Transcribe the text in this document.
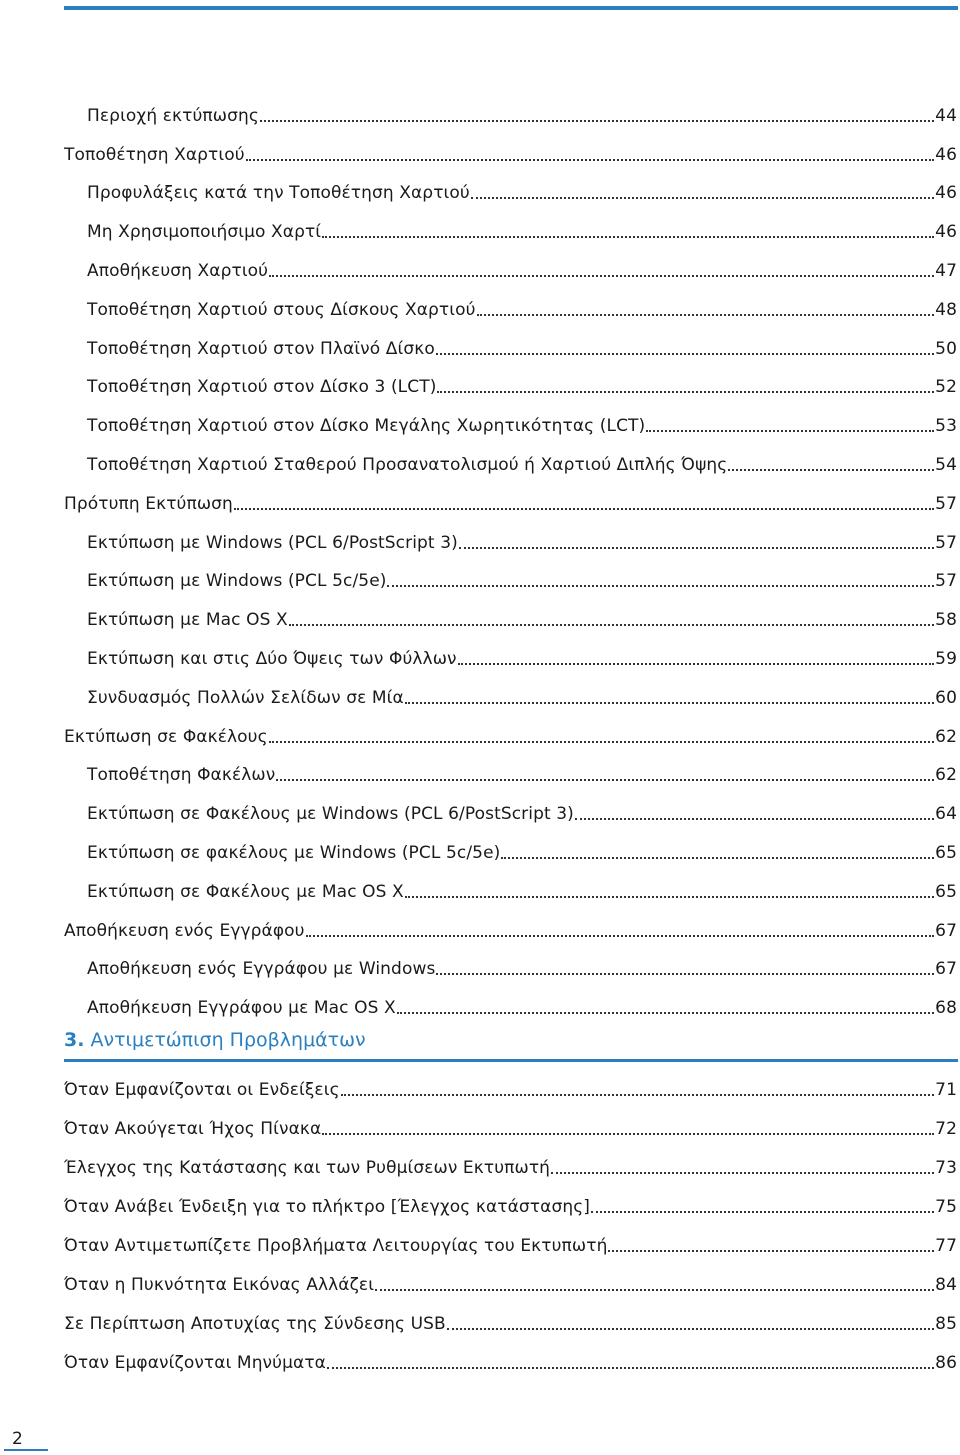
Περιοχή εκτύπωσης	44
Τοποθέτηση Χαρτιού	46
Προφυλάξεις κατά την Τοποθέτηση Χαρτιού	46
Μη Χρησιμοποιήσιμο Χαρτί	46
Αποθήκευση Χαρτιού	47
Τοποθέτηση Χαρτιού στους Δίσκους Χαρτιού	48
Τοποθέτηση Χαρτιού στον Πλαϊνό Δίσκο	50
Τοποθέτηση Χαρτιού στον Δίσκο 3 (LCT)	52
Τοποθέτηση Χαρτιού στον Δίσκο Μεγάλης Χωρητικότητας (LCT)	53
Τοποθέτηση Χαρτιού Σταθερού Προσανατολισμού ή Χαρτιού Διπλής Όψης	54
Πρότυπη Εκτύπωση	57
Εκτύπωση με Windows (PCL 6/PostScript 3)	57
Εκτύπωση με Windows (PCL 5c/5e)	57
Εκτύπωση με Mac OS X	58
Εκτύπωση και στις Δύο Όψεις των Φύλλων	59
Συνδυασμός Πολλών Σελίδων σε Μία	60
Εκτύπωση σε Φακέλους	62
Τοποθέτηση Φακέλων	62
Εκτύπωση σε Φακέλους με Windows (PCL 6/PostScript 3)	64
Εκτύπωση σε φακέλους με Windows (PCL 5c/5e)	65
Εκτύπωση σε Φακέλους με Mac OS X	65
Αποθήκευση ενός Εγγράφου	67
Αποθήκευση ενός Εγγράφου με Windows	67
Αποθήκευση Εγγράφου με Mac OS X	68
3. Αντιμετώπιση Προβλημάτων
Όταν Εμφανίζονται οι Ενδείξεις	71
Όταν Ακούγεται Ήχος Πίνακα	72
Έλεγχος της Κατάστασης και των Ρυθμίσεων Εκτυπωτή	73
Όταν Ανάβει Ένδειξη για το πλήκτρο [Έλεγχος κατάστασης]	75
Όταν Αντιμετωπίζετε Προβλήματα Λειτουργίας του Εκτυπωτή	77
Όταν η Πυκνότητα Εικόνας Αλλάζει	84
Σε Περίπτωση Αποτυχίας της Σύνδεσης USB	85
Όταν Εμφανίζονται Μηνύματα	86
2
